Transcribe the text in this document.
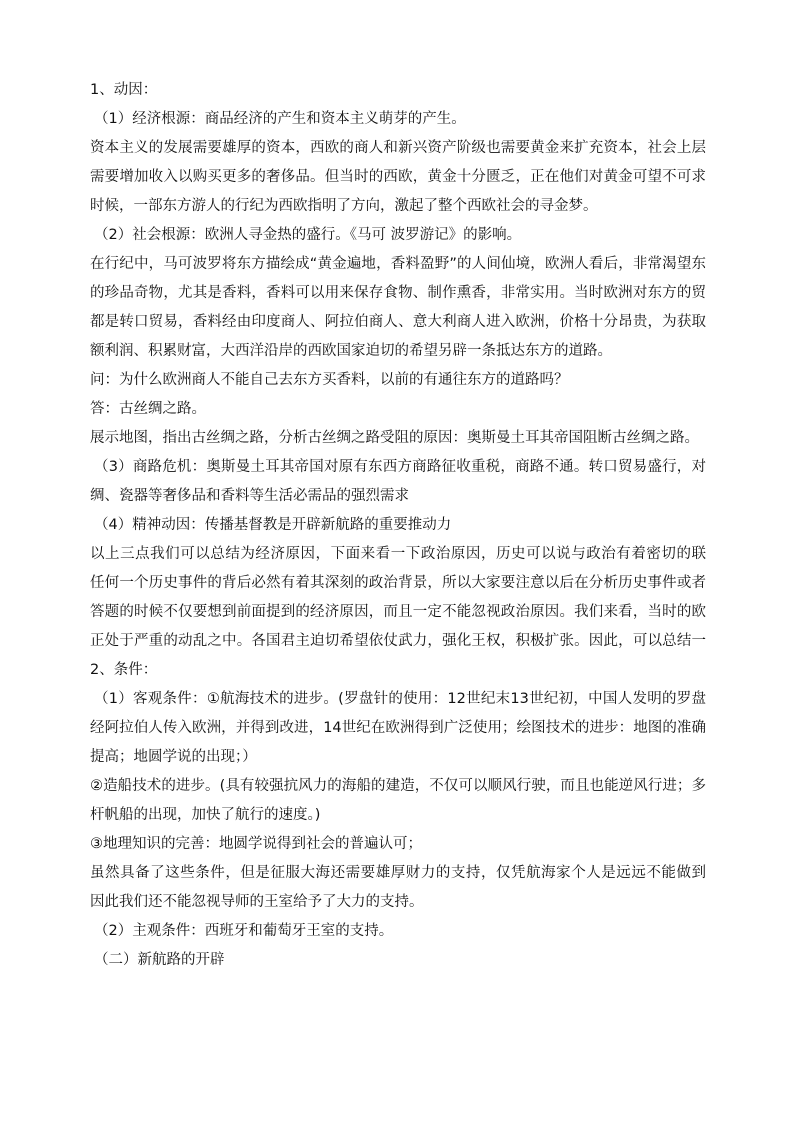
1、动因：
（1）经济根源：商品经济的产生和资本主义萌芽的产生。
资本主义的发展需要雄厚的资本，西欧的商人和新兴资产阶级也需要黄金来扩充资本，社会上层
需要增加收入以购买更多的奢侈品。但当时的西欧，黄金十分匮乏，正在他们对黄金可望不可求
时候，一部东方游人的行纪为西欧指明了方向，激起了整个西欧社会的寻金梦。
（2）社会根源：欧洲人寻金热的盛行。《马可 波罗游记》的影响。
在行纪中，马可波罗将东方描绘成“黄金遍地，香料盈野”的人间仙境，欧洲人看后，非常渴望东
的珍品奇物，尤其是香料，香料可以用来保存食物、制作熏香，非常实用。当时欧洲对东方的贸
都是转口贸易，香料经由印度商人、阿拉伯商人、意大利商人进入欧洲，价格十分昂贵，为获取
额利润、积累财富，大西洋沿岸的西欧国家迫切的希望另辟一条抵达东方的道路。
问：为什么欧洲商人不能自己去东方买香料，以前的有通往东方的道路吗？
答：古丝绸之路。
展示地图，指出古丝绸之路，分析古丝绸之路受阻的原因：奥斯曼土耳其帝国阻断古丝绸之路。
（3）商路危机：奥斯曼土耳其帝国对原有东西方商路征收重税，商路不通。转口贸易盛行，对
绸、瓷器等奢侈品和香料等生活必需品的强烈需求
（4）精神动因：传播基督教是开辟新航路的重要推动力
以上三点我们可以总结为经济原因，下面来看一下政治原因，历史可以说与政治有着密切的联
任何一个历史事件的背后必然有着其深刻的政治背景，所以大家要注意以后在分析历史事件或者
答题的时候不仅要想到前面提到的经济原因，而且一定不能忽视政治原因。我们来看，当时的欧
正处于严重的动乱之中。各国君主迫切希望依仗武力，强化王权，积极扩张。因此，可以总结一
2、条件：
（1）客观条件：①航海技术的进步。(罗盘针的使用：12世纪末13世纪初，中国人发明的罗盘
经阿拉伯人传入欧洲，并得到改进，14世纪在欧洲得到广泛使用；绘图技术的进步：地图的准确
提高；地圆学说的出现；）
②造船技术的进步。(具有较强抗风力的海船的建造，不仅可以顺风行驶，而且也能逆风行进；多
杆帆船的出现，加快了航行的速度。)
③地理知识的完善：地圆学说得到社会的普遍认可；
虽然具备了这些条件，但是征服大海还需要雄厚财力的支持，仅凭航海家个人是远远不能做到
因此我们还不能忽视导师的王室给予了大力的支持。
（2）主观条件：西班牙和葡萄牙王室的支持。
（二）新航路的开辟
